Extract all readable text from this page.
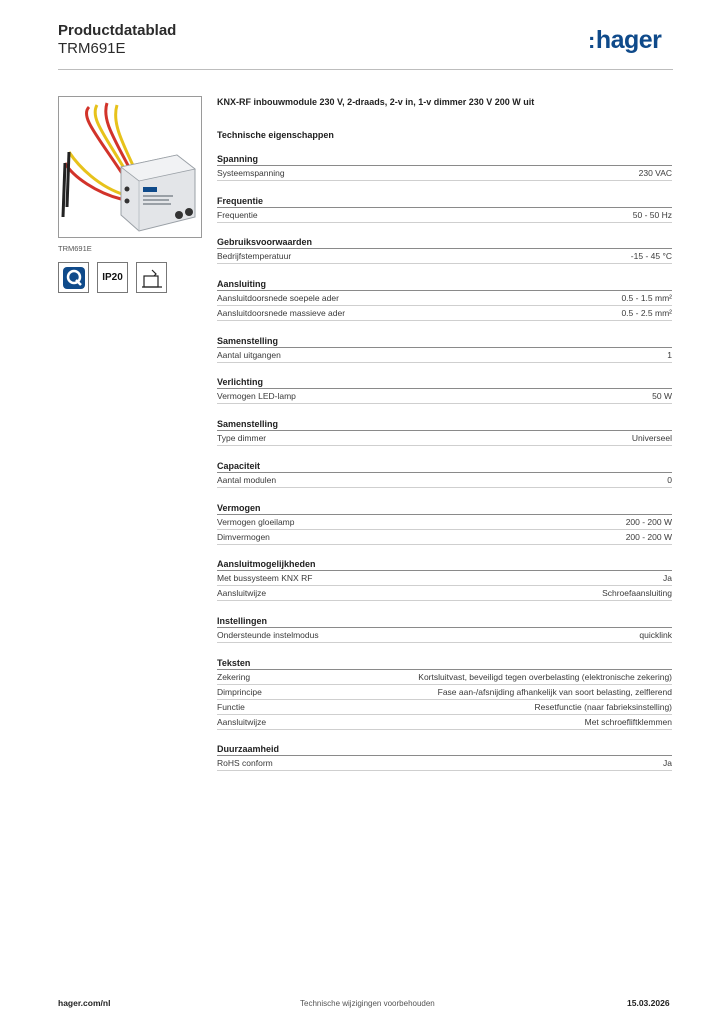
Productdatablad
TRM691E	:hager
TRM691E
IP20
KNX-RF inbouwmodule 230 V, 2-draads, 2-v in, 1-v dimmer 230 V 200 W uit
Technische eigenschappen
Spanning
Systeemspanning	230 VAC
Frequentie
Frequentie	50 - 50 Hz
Gebruiksvoorwaarden
Bedrijfstemperatuur	-15 - 45 °C
Aansluiting
Aansluitdoorsnede soepele ader	0.5 - 1.5 mm²
Aansluitdoorsnede massieve ader	0.5 - 2.5 mm²
Samenstelling
Aantal uitgangen	1
Verlichting
Vermogen LED-lamp	50 W
Samenstelling
Type dimmer	Universeel
Capaciteit
Aantal modulen	0
Vermogen
Vermogen gloeilamp	200 - 200 W
Dimvermogen	200 - 200 W
Aansluitmogelijkheden
Met bussysteem KNX RF	Ja
Aansluitwijze	Schroefaansluiting
Instellingen
Ondersteunde instelmodus	quicklink
Teksten
Zekering	Kortsluitvast, beveiligd tegen overbelasting (elektronische zekering)
Dimprincipe	Fase aan-/afsnijding afhankelijk van soort belasting, zelflerend
Functie	Resetfunctie (naar fabrieksinstelling)
Aansluitwijze	Met schroefliftklemmen
Duurzaamheid
RoHS conform	Ja
hager.com/nl	Technische wijzigingen voorbehouden	15.03.2026
